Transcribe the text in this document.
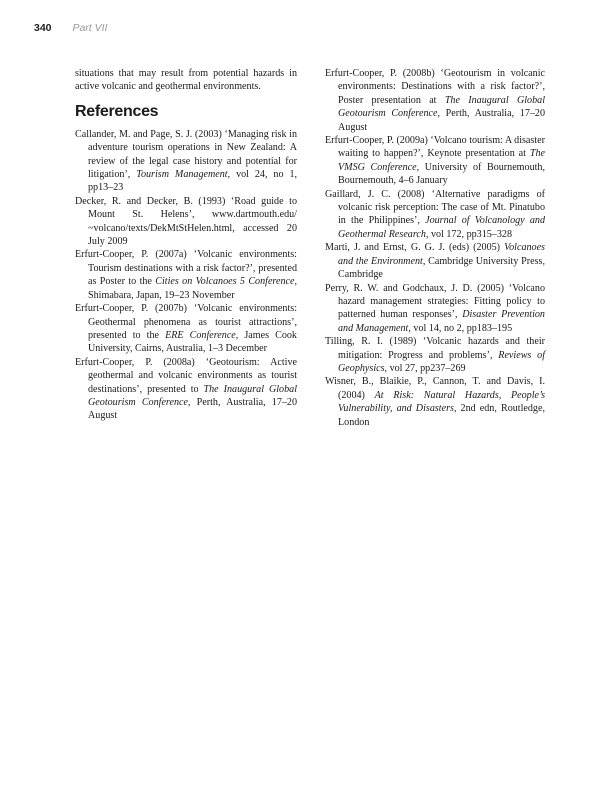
340 Part VII

situations that may result from potential hazards in active volcanic and geothermal environments.

References

Callander, M. and Page, S. J. (2003) ‘Managing risk in adventure tourism operations in New Zealand: A review of the legal case history and potential for litigation’, Tourism Management, vol 24, no 1, pp13–23

Decker, R. and Decker, B. (1993) ‘Road guide to Mount St. Helens’, www.dartmouth.edu/ ~volcano/texts/DekMtStHelen.html, accessed 20 July 2009

Erfurt-Cooper, P. (2007a) ‘Volcanic environments: Tourism destinations with a risk factor?’, presented as Poster to the Cities on Volcanoes 5 Conference, Shimabara, Japan, 19–23 November

Erfurt-Cooper, P. (2007b) ‘Volcanic environments: Geothermal phenomena as tourist attractions’, presented to the ERE Conference, James Cook University, Cairns, Australia, 1–3 December

Erfurt-Cooper, P. (2008a) ‘Geotourism: Active geothermal and volcanic environments as tourist destinations’, presented to The Inaugural Global Geotourism Conference, Perth, Australia, 17–20 August

Erfurt-Cooper, P. (2008b) ‘Geotourism in volcanic environments: Destinations with a risk factor?’, Poster presentation at The Inaugural Global Geotourism Conference, Perth, Australia, 17–20 August

Erfurt-Cooper, P. (2009a) ‘Volcano tourism: A disaster waiting to happen?’, Keynote presentation at The VMSG Conference, University of Bournemouth, Bournemouth, 4–6 January

Gaillard, J. C. (2008) ‘Alternative paradigms of volcanic risk perception: The case of Mt. Pinatubo in the Philippines’, Journal of Volcanology and Geothermal Research, vol 172, pp315–328

Marti, J. and Ernst, G. G. J. (eds) (2005) Volcanoes and the Environment, Cambridge University Press, Cambridge

Perry, R. W. and Godchaux, J. D. (2005) ‘Volcano hazard management strategies: Fitting policy to patterned human responses’, Disaster Prevention and Management, vol 14, no 2, pp183–195

Tilling, R. I. (1989) ‘Volcanic hazards and their mitigation: Progress and problems’, Reviews of Geophysics, vol 27, pp237–269

Wisner, B., Blaikie, P., Cannon, T. and Davis, I. (2004) At Risk: Natural Hazards, People’s Vulnerability, and Disasters, 2nd edn, Routledge, London
